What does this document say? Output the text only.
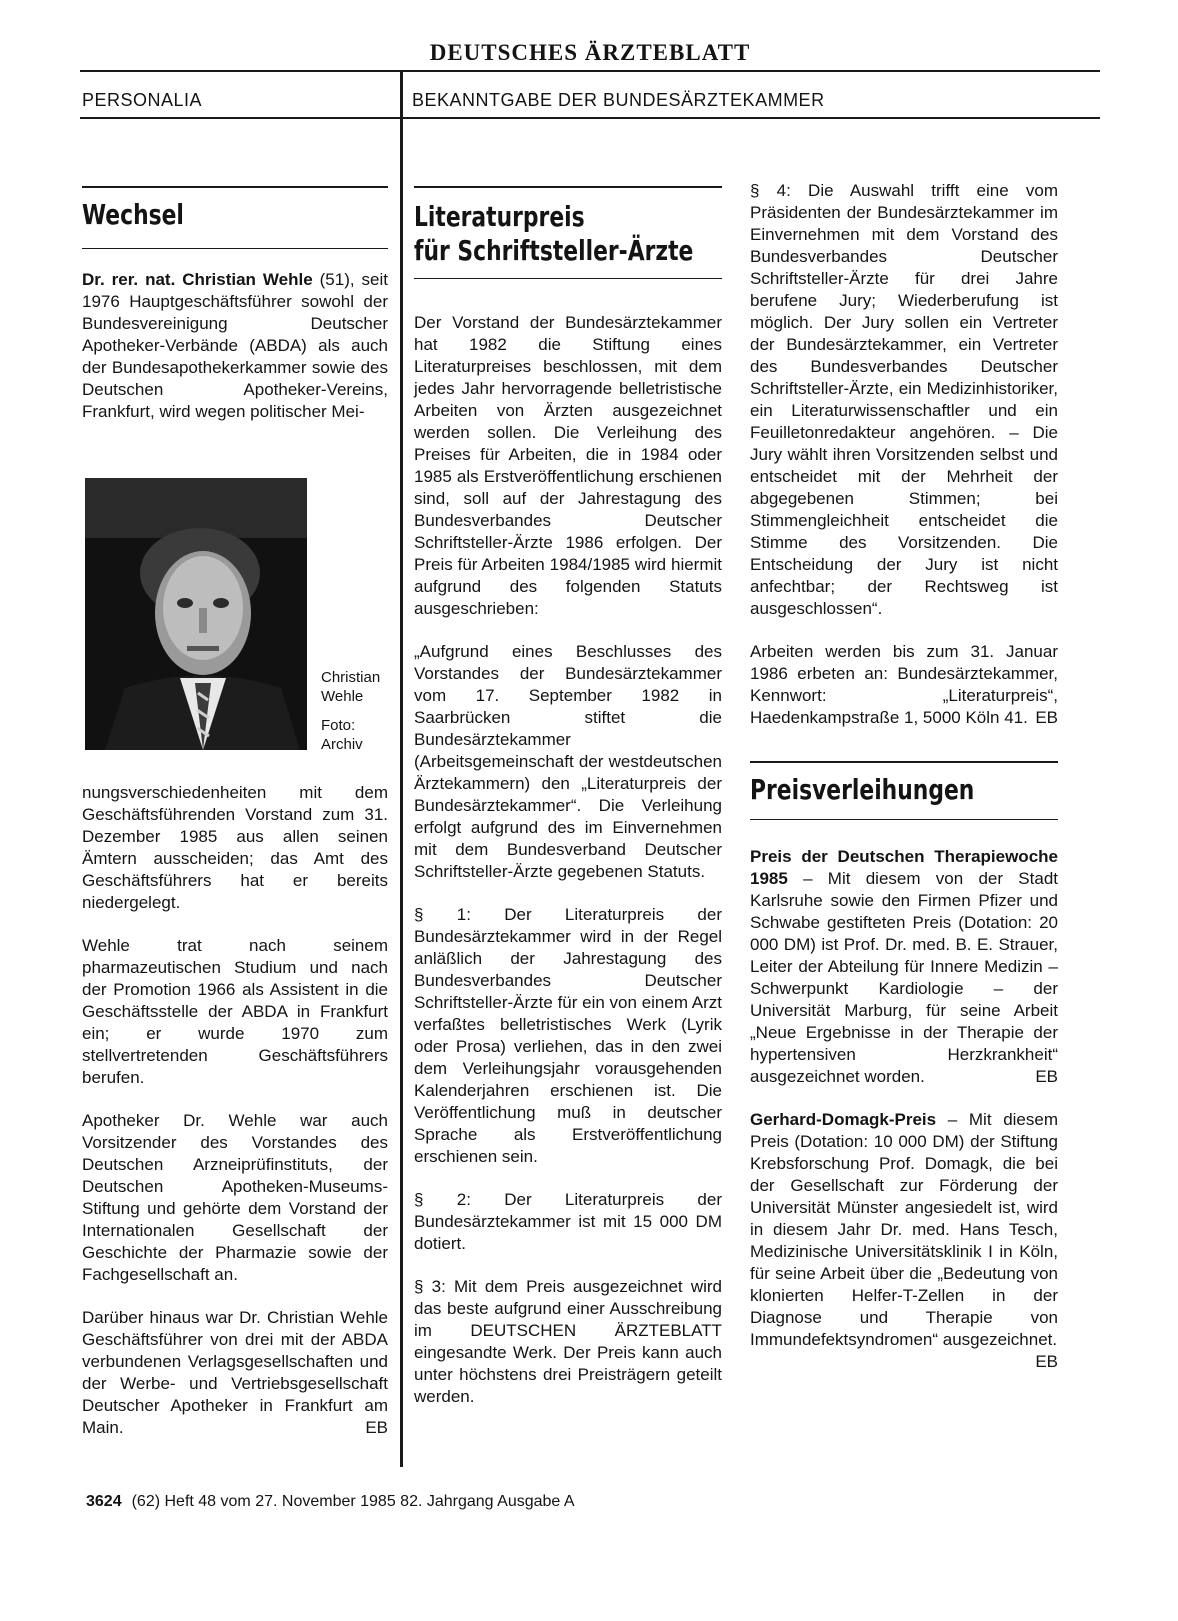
DEUTSCHES ÄRZTEBLATT
PERSONALIA	BEKANNTGABE DER BUNDESÄRZTEKAMMER
Wechsel

Dr. rer. nat. Christian Wehle (51), seit 1976 Hauptgeschäftsführer sowohl der Bundesvereinigung Deutscher Apotheker-Verbände (ABDA) als auch der Bundesapothekerkammer sowie des Deutschen Apotheker-Vereins, Frankfurt, wird wegen politischer Mei-

Christian Wehle
Foto: Archiv

nungsverschiedenheiten mit dem Geschäftsführenden Vorstand zum 31. Dezember 1985 aus allen seinen Ämtern ausscheiden; das Amt des Geschäftsführers hat er bereits niedergelegt.

Wehle trat nach seinem pharmazeutischen Studium und nach der Promotion 1966 als Assistent in die Geschäftsstelle der ABDA in Frankfurt ein; er wurde 1970 zum stellvertretenden Geschäftsführers berufen.

Apotheker Dr. Wehle war auch Vorsitzender des Vorstandes des Deutschen Arzneiprüfinstituts, der Deutschen Apotheken-Museums-Stiftung und gehörte dem Vorstand der Internationalen Gesellschaft der Geschichte der Pharmazie sowie der Fachgesellschaft an.

Darüber hinaus war Dr. Christian Wehle Geschäftsführer von drei mit der ABDA verbundenen Verlagsgesellschaften und der Werbe- und Vertriebsgesellschaft Deutscher Apotheker in Frankfurt am Main.	EB

Literaturpreis
für Schriftsteller-Ärzte

Der Vorstand der Bundesärztekammer hat 1982 die Stiftung eines Literaturpreises beschlossen, mit dem jedes Jahr hervorragende belletristische Arbeiten von Ärzten ausgezeichnet werden sollen. Die Verleihung des Preises für Arbeiten, die in 1984 oder 1985 als Erstveröffentlichung erschienen sind, soll auf der Jahrestagung des Bundesverbandes Deutscher Schriftsteller-Ärzte 1986 erfolgen. Der Preis für Arbeiten 1984/1985 wird hiermit aufgrund des folgenden Statuts ausgeschrieben:

„Aufgrund eines Beschlusses des Vorstandes der Bundesärztekammer vom 17. September 1982 in Saarbrücken stiftet die Bundesärztekammer (Arbeitsgemeinschaft der westdeutschen Ärztekammern) den „Literaturpreis der Bundesärztekammer“. Die Verleihung erfolgt aufgrund des im Einvernehmen mit dem Bundesverband Deutscher Schriftsteller-Ärzte gegebenen Statuts.

§ 1: Der Literaturpreis der Bundesärztekammer wird in der Regel anläßlich der Jahrestagung des Bundesverbandes Deutscher Schriftsteller-Ärzte für ein von einem Arzt verfaßtes belletristisches Werk (Lyrik oder Prosa) verliehen, das in den zwei dem Verleihungsjahr vorausgehenden Kalenderjahren erschienen ist. Die Veröffentlichung muß in deutscher Sprache als Erstveröffentlichung erschienen sein.

§ 2: Der Literaturpreis der Bundesärztekammer ist mit 15 000 DM dotiert.

§ 3: Mit dem Preis ausgezeichnet wird das beste aufgrund einer Ausschreibung im DEUTSCHEN ÄRZTEBLATT eingesandte Werk. Der Preis kann auch unter höchstens drei Preisträgern geteilt werden.

§ 4: Die Auswahl trifft eine vom Präsidenten der Bundesärztekammer im Einvernehmen mit dem Vorstand des Bundesverbandes Deutscher Schriftsteller-Ärzte für drei Jahre berufene Jury; Wiederberufung ist möglich. Der Jury sollen ein Vertreter der Bundesärztekammer, ein Vertreter des Bundesverbandes Deutscher Schriftsteller-Ärzte, ein Medizinhistoriker, ein Literaturwissenschaftler und ein Feuilletonredakteur angehören. – Die Jury wählt ihren Vorsitzenden selbst und entscheidet mit der Mehrheit der abgegebenen Stimmen; bei Stimmengleichheit entscheidet die Stimme des Vorsitzenden. Die Entscheidung der Jury ist nicht anfechtbar; der Rechtsweg ist ausgeschlossen“.

Arbeiten werden bis zum 31. Januar 1986 erbeten an: Bundesärztekammer, Kennwort: „Literaturpreis“, Haedenkampstraße 1, 5000 Köln 41. EB

Preisverleihungen

Preis der Deutschen Therapiewoche 1985 – Mit diesem von der Stadt Karlsruhe sowie den Firmen Pfizer und Schwabe gestifteten Preis (Dotation: 20 000 DM) ist Prof. Dr. med. B. E. Strauer, Leiter der Abteilung für Innere Medizin – Schwerpunkt Kardiologie – der Universität Marburg, für seine Arbeit „Neue Ergebnisse in der Therapie der hypertensiven Herzkrankheit“ ausgezeichnet worden.	EB

Gerhard-Domagk-Preis – Mit diesem Preis (Dotation: 10 000 DM) der Stiftung Krebsforschung Prof. Domagk, die bei der Gesellschaft zur Förderung der Universität Münster angesiedelt ist, wird in diesem Jahr Dr. med. Hans Tesch, Medizinische Universitätsklinik I in Köln, für seine Arbeit über die „Bedeutung von klonierten Helfer-T-Zellen in der Diagnose und Therapie von Immundefektsyndromen“ ausgezeichnet.
EB

3624 (62) Heft 48 vom 27. November 1985 82. Jahrgang Ausgabe A
